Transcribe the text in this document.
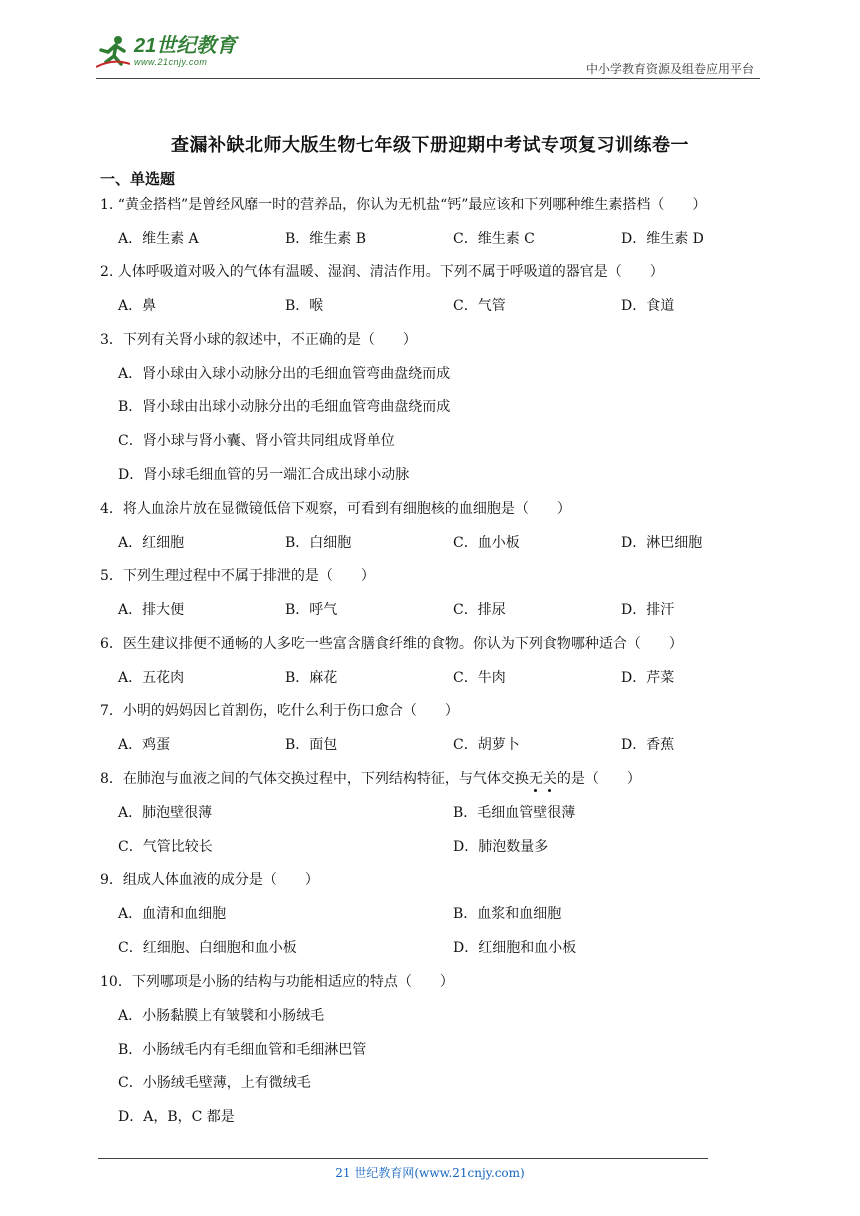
21世纪教育
www.21cnjy.com	中小学教育资源及组卷应用平台
查漏补缺北师大版生物七年级下册迎期中考试专项复习训练卷一
一、单选题
1. “黄金搭档”是曾经风靡一时的营养品，你认为无机盐“钙”最应该和下列哪种维生素搭档（　　）
A．维生素 A	B．维生素 B	C．维生素 C	D．维生素 D
2. 人体呼吸道对吸入的气体有温暖、湿润、清洁作用。下列不属于呼吸道的器官是（　　）
A．鼻	B．喉	C．气管	D．食道
3．下列有关肾小球的叙述中，不正确的是（　　）
A．肾小球由入球小动脉分出的毛细血管弯曲盘绕而成
B．肾小球由出球小动脉分出的毛细血管弯曲盘绕而成
C．肾小球与肾小囊、肾小管共同组成肾单位
D．肾小球毛细血管的另一端汇合成出球小动脉
4．将人血涂片放在显微镜低倍下观察，可看到有细胞核的血细胞是（　　）
A．红细胞	B．白细胞	C．血小板	D．淋巴细胞
5．下列生理过程中不属于排泄的是（　　）
A．排大便	B．呼气	C．排尿	D．排汗
6．医生建议排便不通畅的人多吃一些富含膳食纤维的食物。你认为下列食物哪种适合（　　）
A．五花肉	B．麻花	C．牛肉	D．芹菜
7．小明的妈妈因匕首割伤，吃什么利于伤口愈合（　　）
A．鸡蛋	B．面包	C．胡萝卜	D．香蕉
8．在肺泡与血液之间的气体交换过程中，下列结构特征，与气体交换无关的是（　　）
A．肺泡壁很薄	B．毛细血管壁很薄
C．气管比较长	D．肺泡数量多
9．组成人体血液的成分是（　　）
A．血清和血细胞	B．血浆和血细胞
C．红细胞、白细胞和血小板	D．红细胞和血小板
10．下列哪项是小肠的结构与功能相适应的特点（　　）
A．小肠黏膜上有皱襞和小肠绒毛
B．小肠绒毛内有毛细血管和毛细淋巴管
C．小肠绒毛壁薄，上有微绒毛
D．A，B，C 都是
21 世纪教育网(www.21cnjy.com)
